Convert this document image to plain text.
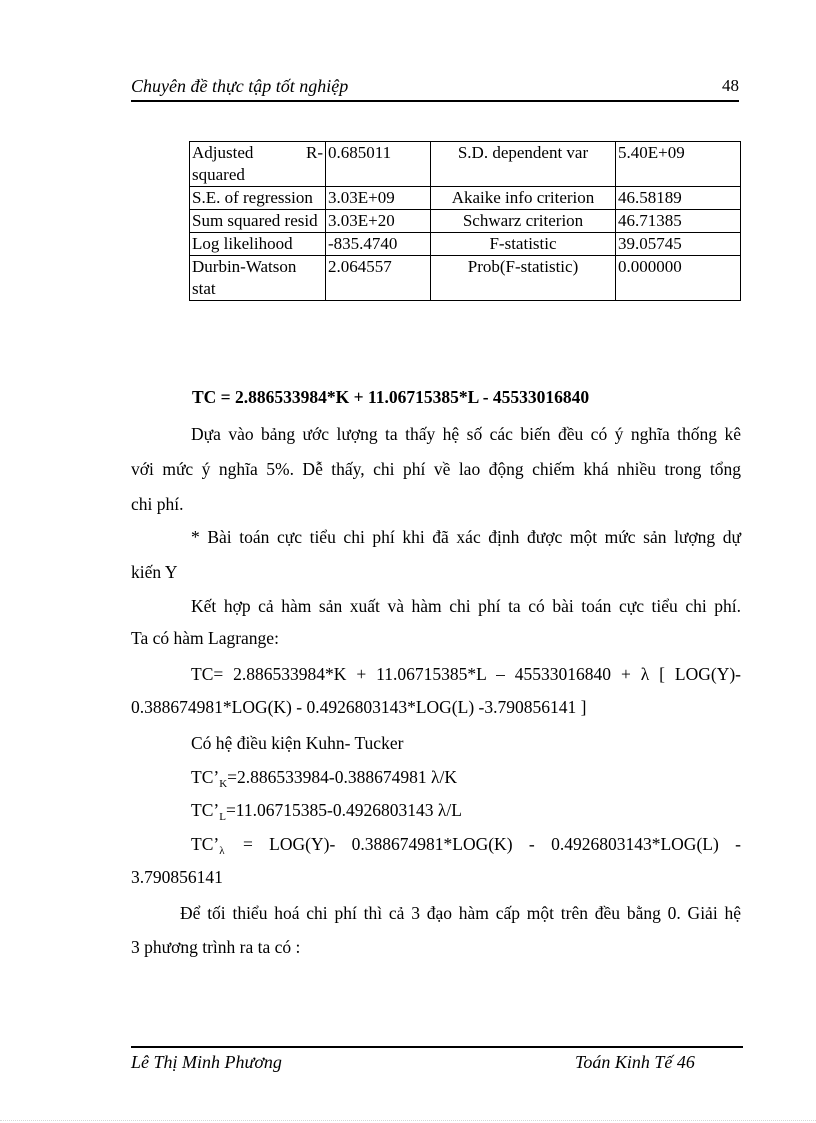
Chuyên đề thực tập tốt nghiệp	48
Adjusted R-squared	0.685011	S.D. dependent var	5.40E+09
S.E. of regression	3.03E+09	Akaike info criterion	46.58189
Sum squared resid	3.03E+20	Schwarz criterion	46.71385
Log likelihood	-835.4740	F-statistic	39.05745
Durbin-Watson stat	2.064557	Prob(F-statistic)	0.000000
TC = 2.886533984*K + 11.06715385*L - 45533016840
Dựa vào bảng ước lượng ta thấy hệ số các biến đều có ý nghĩa thống kê
với mức ý nghĩa 5%. Dễ thấy, chi phí về lao động chiếm khá nhiều trong tổng
chi phí.
* Bài toán cực tiểu chi phí khi đã xác định được một mức sản lượng dự
kiến Y
Kết hợp cả hàm sản xuất và hàm chi phí ta có bài toán cực tiểu chi phí.
Ta có hàm Lagrange:
TC= 2.886533984*K + 11.06715385*L – 45533016840 + λ [ LOG(Y)-
0.388674981*LOG(K) - 0.4926803143*LOG(L) -3.790856141 ]
Có hệ điều kiện Kuhn- Tucker
$TC’_K=2.886533984-0.388674981$ λ/K
$TC’_L=11.06715385-0.4926803143$ λ/L
$TC’_\lambda = LOG(Y)-$ 0.388674981*LOG(K) - 0.4926803143*LOG(L) -
3.790856141
Để tối thiểu hoá chi phí thì cả 3 đạo hàm cấp một trên đều bằng 0. Giải hệ
3 phương trình ra ta có :
Lê Thị Minh Phương	Toán Kinh Tế 46
